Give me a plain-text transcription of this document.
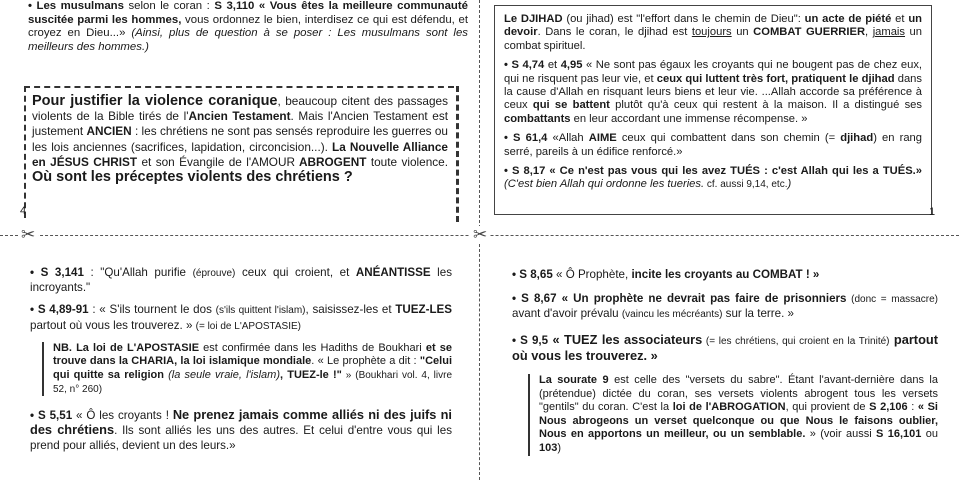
• Les musulmans selon le coran : S 3,110 « Vous êtes la meilleure communauté suscitée parmi les hommes, vous ordonnez le bien, interdisez ce qui est défendu, et croyez en Dieu...» (Ainsi, plus de question à se poser : Les musulmans sont les meilleurs des hommes.)

Pour justifier la violence coranique, beaucoup citent des passages violents de la Bible tirés de l'Ancien Testament. Mais l'Ancien Testament est justement ANCIEN : les chrétiens ne sont pas sensés reproduire les guerres ou les lois anciennes (sacrifices, lapidation, circoncision...). La Nouvelle Alliance en JÉSUS CHRIST et son Évangile de l'AMOUR ABROGENT toute violence. Où sont les préceptes violents des chrétiens ?

4

Le DJIHAD (ou jihad) est "l'effort dans le chemin de Dieu": un acte de piété et un devoir. Dans le coran, le djihad est toujours un COMBAT GUERRIER, jamais un combat spirituel.

• S 4,74 et 4,95 « Ne sont pas égaux les croyants qui ne bougent pas de chez eux, qui ne risquent pas leur vie, et ceux qui luttent très fort, pratiquent le djihad dans la cause d'Allah en risquant leurs biens et leur vie. ...Allah accorde sa préférence à ceux qui se battent plutôt qu'à ceux qui restent à la maison. Il a distingué ses combattants en leur accordant une immense récompense. »

• S 61,4 «Allah AIME ceux qui combattent dans son chemin (= djihad) en rang serré, pareils à un édifice renforcé.»

• S 8,17 « Ce n'est pas vous qui les avez TUÉS : c'est Allah qui les a TUÉS.» (C'est bien Allah qui ordonne les tueries. cf. aussi 9,14, etc.)

1
✂	✂

• S 3,141 : "Qu'Allah purifie (éprouve) ceux qui croient, et ANÉANTISSE les incroyants."

• S 4,89-91 : « S'ils tournent le dos (s'ils quittent l'islam), saisissez-les et TUEZ-LES partout où vous les trouverez. » (= loi de L'APOSTASIE)

NB. La loi de L'APOSTASIE est confirmée dans les Hadiths de Boukhari et se trouve dans la CHARIA, la loi islamique mondiale. « Le prophète a dit : "Celui qui quitte sa religion (la seule vraie, l'islam), TUEZ-le !" » (Boukhari vol. 4, livre 52, n° 260)

• S 5,51 « Ô les croyants ! Ne prenez jamais comme alliés ni des juifs ni des chrétiens. Ils sont alliés les uns des autres. Et celui d'entre vous qui les prend pour alliés, devient un des leurs.»

• S 8,65 « Ô Prophète, incite les croyants au COMBAT ! »

• S 8,67 « Un prophète ne devrait pas faire de prisonniers (donc = massacre) avant d'avoir prévalu (vaincu les mécréants) sur la terre. »

• S 9,5 « TUEZ les associateurs (= les chrétiens, qui croient en la Trinité) partout où vous les trouverez. »

La sourate 9 est celle des "versets du sabre". Étant l'avant-dernière dans la (prétendue) dictée du coran, ses versets violents abrogent tous les versets "gentils" du coran. C'est la loi de l'ABROGATION, qui provient de S 2,106 : « Si Nous abrogeons un verset quelconque ou que Nous le faisons oublier, Nous en apportons un meilleur, ou un semblable. » (voir aussi S 16,101 ou 103)
